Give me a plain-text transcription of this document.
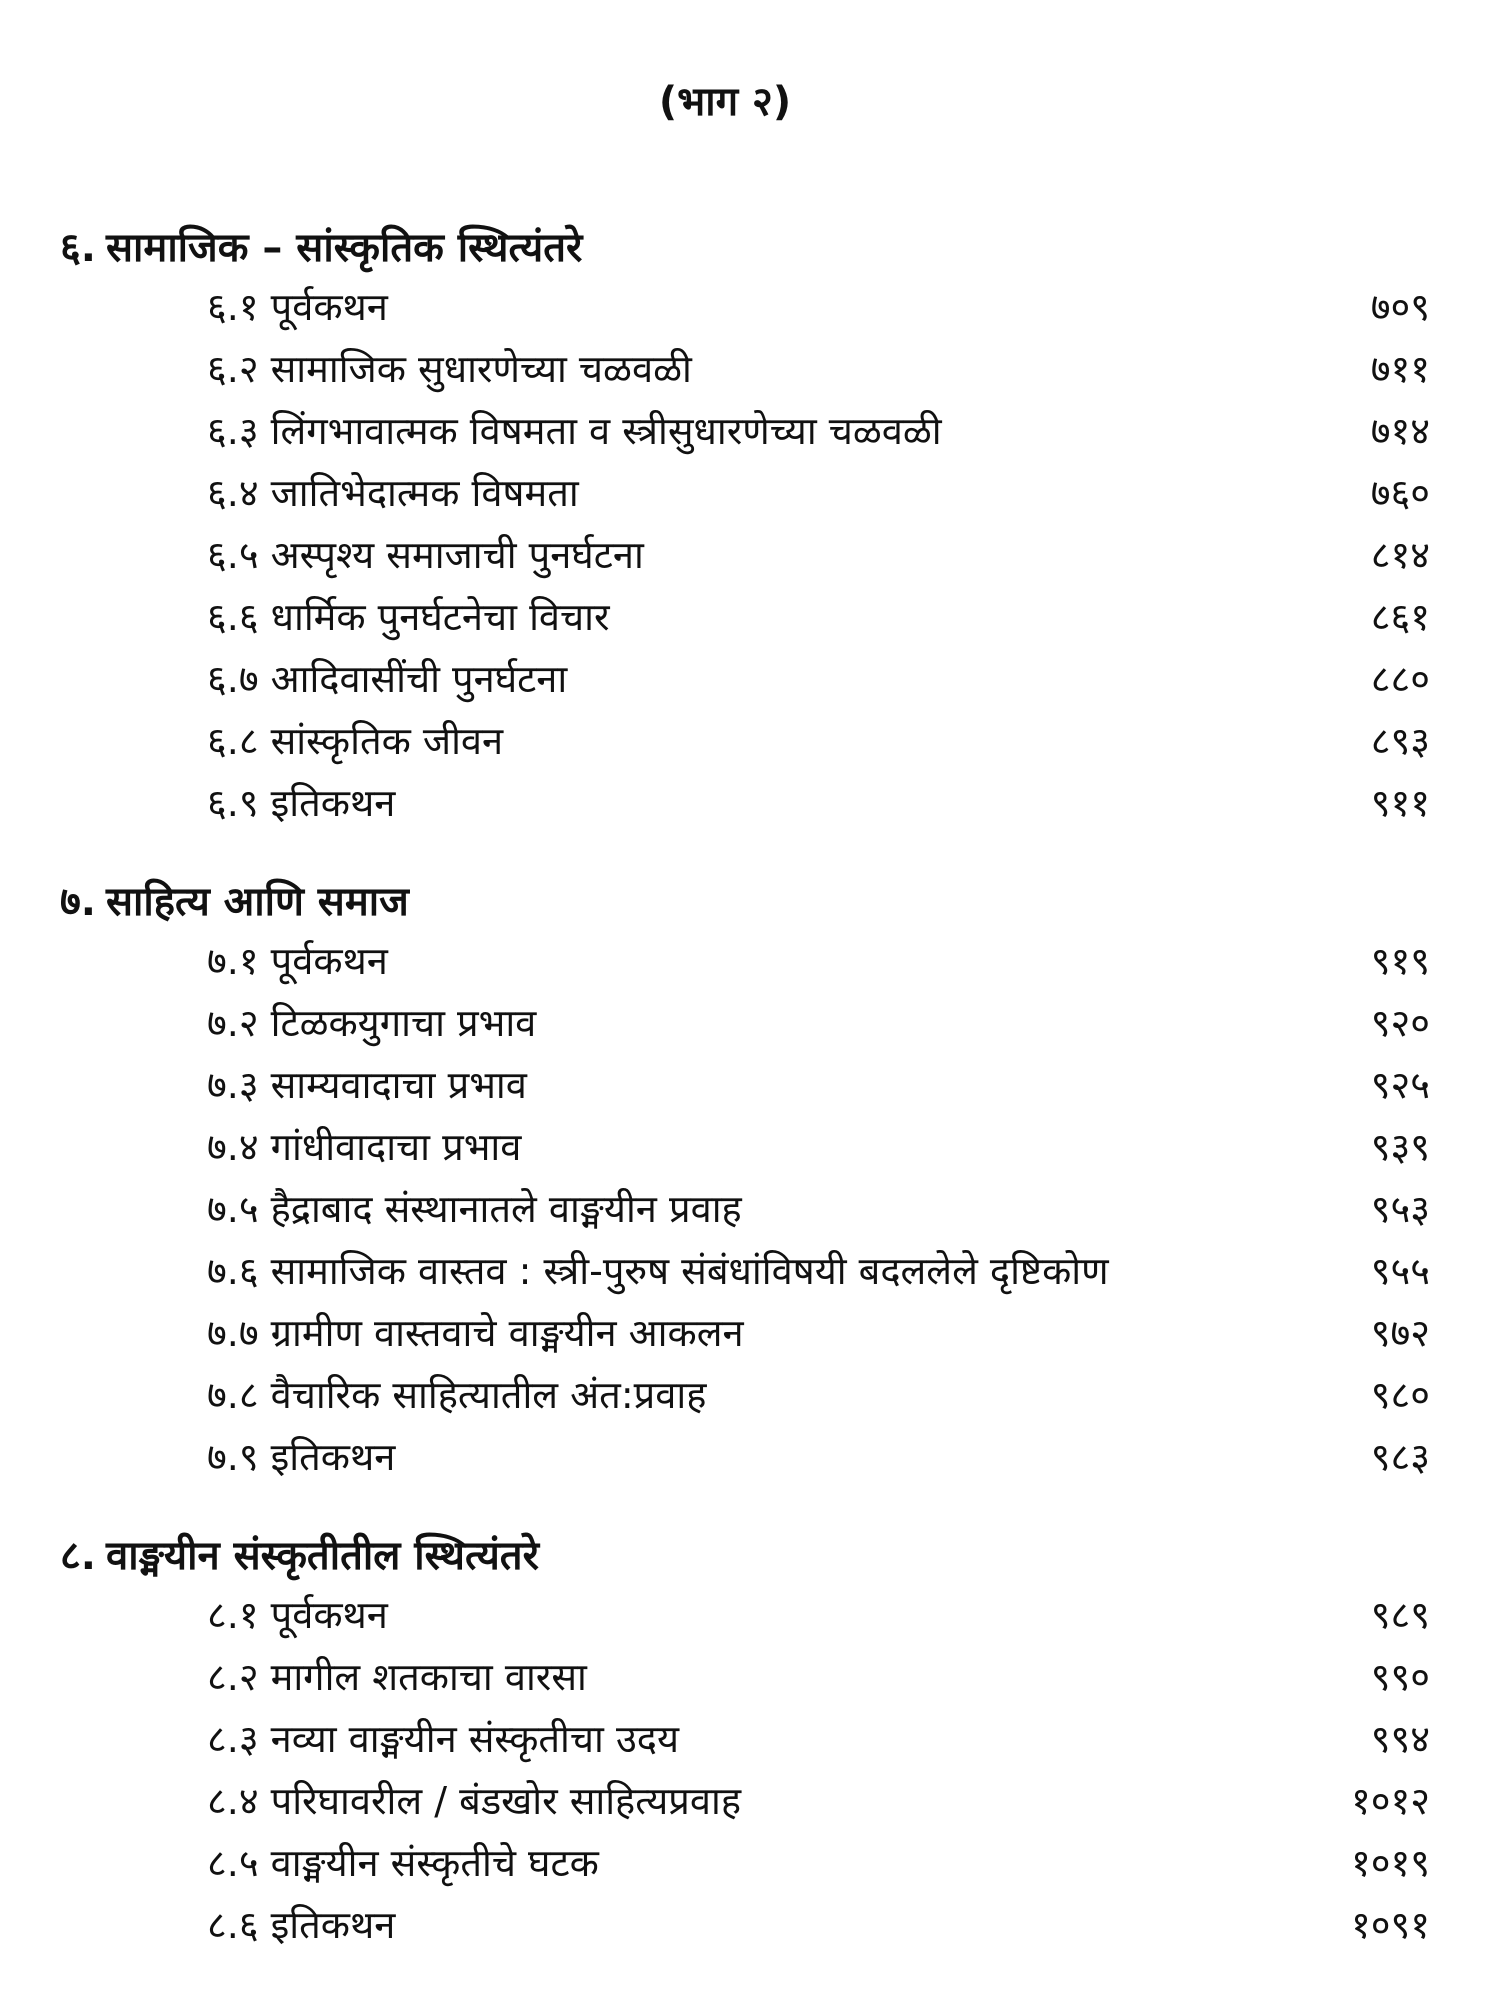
(भाग २)
६. सामाजिक – सांस्कृतिक स्थित्यंतरे
६.१ पूर्वकथन	७०९
६.२ सामाजिक सुधारणेच्या चळवळी	७११
६.३ लिंगभावात्मक विषमता व स्त्रीसुधारणेच्या चळवळी	७१४
६.४ जातिभेदात्मक विषमता	७६०
६.५ अस्पृश्य समाजाची पुनर्घटना	८१४
६.६ धार्मिक पुनर्घटनेचा विचार	८६१
६.७ आदिवासींची पुनर्घटना	८८०
६.८ सांस्कृतिक जीवन	८९३
६.९ इतिकथन	९११
७. साहित्य आणि समाज
७.१ पूर्वकथन	९१९
७.२ टिळकयुगाचा प्रभाव	९२०
७.३ साम्यवादाचा प्रभाव	९२५
७.४ गांधीवादाचा प्रभाव	९३९
७.५ हैद्राबाद संस्थानातले वाङ्मयीन प्रवाह	९५३
७.६ सामाजिक वास्तव : स्त्री-पुरुष संबंधांविषयी बदललेले दृष्टिकोण	९५५
७.७ ग्रामीण वास्तवाचे वाङ्मयीन आकलन	९७२
७.८ वैचारिक साहित्यातील अंत:प्रवाह	९८०
७.९ इतिकथन	९८३
८. वाङ्मयीन संस्कृतीतील स्थित्यंतरे
८.१ पूर्वकथन	९८९
८.२ मागील शतकाचा वारसा	९९०
८.३ नव्या वाङ्मयीन संस्कृतीचा उदय	९९४
८.४ परिघावरील / बंडखोर साहित्यप्रवाह	१०१२
८.५ वाङ्मयीन संस्कृतीचे घटक	१०१९
८.६ इतिकथन	१०९१
